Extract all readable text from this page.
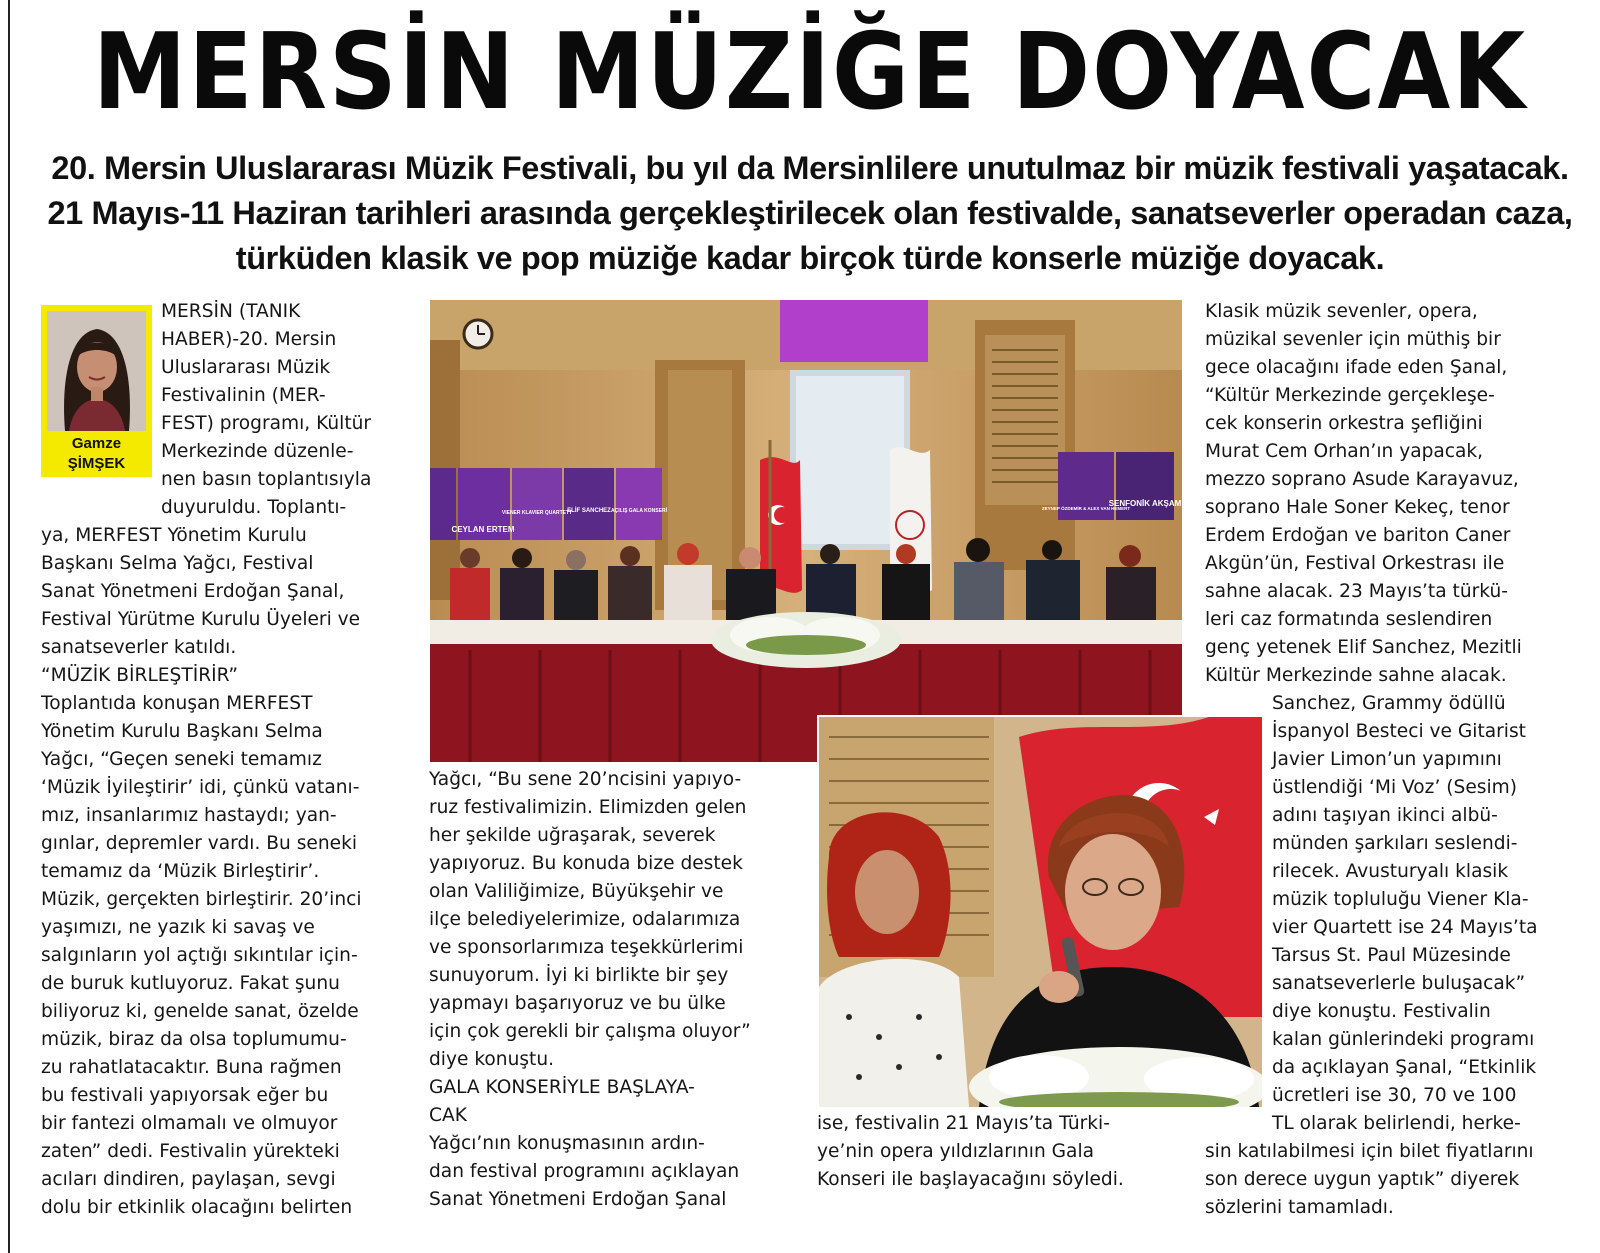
MERSİN MÜZİĞE DOYACAK
20. Mersin Uluslararası Müzik Festivali, bu yıl da Mersinlilere unutulmaz bir müzik festivali yaşatacak.
21 Mayıs-11 Haziran tarihleri arasında gerçekleştirilecek olan festivalde, sanatseverler operadan caza,
türküden klasik ve pop müziğe kadar birçok türde konserle müziğe doyacak.
Gamze
ŞİMŞEK
MERSİN (TANIK
HABER)-20. Mersin
Uluslararası Müzik
Festivalinin (MER-
FEST) programı, Kültür
Merkezinde düzenle-
nen basın toplantısıyla
duyuruldu. Toplantı-
ya, MERFEST Yönetim Kurulu
Başkanı Selma Yağcı, Festival
Sanat Yönetmeni Erdoğan Şanal,
Festival Yürütme Kurulu Üyeleri ve
sanatseverler katıldı.
“MÜZİK BİRLEŞTİRİR”
Toplantıda konuşan MERFEST
Yönetim Kurulu Başkanı Selma
Yağcı, “Geçen seneki temamız
‘Müzik İyileştirir’ idi, çünkü vatanı-
mız, insanlarımız hastaydı; yan-
gınlar, depremler vardı. Bu seneki
temamız da ‘Müzik Birleştirir’.
Müzik, gerçekten birleştirir. 20’inci
yaşımızı, ne yazık ki savaş ve
salgınların yol açtığı sıkıntılar için-
de buruk kutluyoruz. Fakat şunu
biliyoruz ki, genelde sanat, özelde
müzik, biraz da olsa toplumumu-
zu rahatlatacaktır. Buna rağmen
bu festivali yapıyorsak eğer bu
bir fantezi olmamalı ve olmuyor
zaten” dedi. Festivalin yürekteki
acıları dindiren, paylaşan, sevgi
dolu bir etkinlik olacağını belirten
CEYLAN ERTEM
VIENER KLAVIER QUARTETT
ELİF SANCHEZ AÇILIŞ GALA KONSERİ	ZEYNEP ÖZDEMİR & ALEX VAN HEMERT
SENFONİK AKŞAM
Yağcı, “Bu sene 20’ncisini yapıyo-
ruz festivalimizin. Elimizden gelen
her şekilde uğraşarak, severek
yapıyoruz. Bu konuda bize destek
olan Valiliğimize, Büyükşehir ve
ilçe belediyelerimize, odalarımıza
ve sponsorlarımıza teşekkürlerimi
sunuyorum. İyi ki birlikte bir şey
yapmayı başarıyoruz ve bu ülke
için çok gerekli bir çalışma oluyor”
diye konuştu.
GALA KONSERİYLE BAŞLAYA-
CAK
Yağcı’nın konuşmasının ardın-
dan festival programını açıklayan
Sanat Yönetmeni Erdoğan Şanal
ise, festivalin 21 Mayıs’ta Türki-
ye’nin opera yıldızlarının Gala
Konseri ile başlayacağını söyledi.
Klasik müzik sevenler, opera,
müzikal sevenler için müthiş bir
gece olacağını ifade eden Şanal,
“Kültür Merkezinde gerçekleşe-
cek konserin orkestra şefliğini
Murat Cem Orhan’ın yapacak,
mezzo soprano Asude Karayavuz,
soprano Hale Soner Kekeç, tenor
Erdem Erdoğan ve bariton Caner
Akgün’ün, Festival Orkestrası ile
sahne alacak. 23 Mayıs’ta türkü-
leri caz formatında seslendiren
genç yetenek Elif Sanchez, Mezitli
Kültür Merkezinde sahne alacak.
Sanchez, Grammy ödüllü
İspanyol Besteci ve Gitarist
Javier Limon’un yapımını
üstlendiği ‘Mi Voz’ (Sesim)
adını taşıyan ikinci albü-
münden şarkıları seslendi-
rilecek. Avusturyalı klasik
müzik topluluğu Viener Kla-
vier Quartett ise 24 Mayıs’ta
Tarsus St. Paul Müzesinde
sanatseverlerle buluşacak”
diye konuştu. Festivalin
kalan günlerindeki programı
da açıklayan Şanal, “Etkinlik
ücretleri ise 30, 70 ve 100
TL olarak belirlendi, herke-
sin katılabilmesi için bilet fiyatlarını
son derece uygun yaptık” diyerek
sözlerini tamamladı.
